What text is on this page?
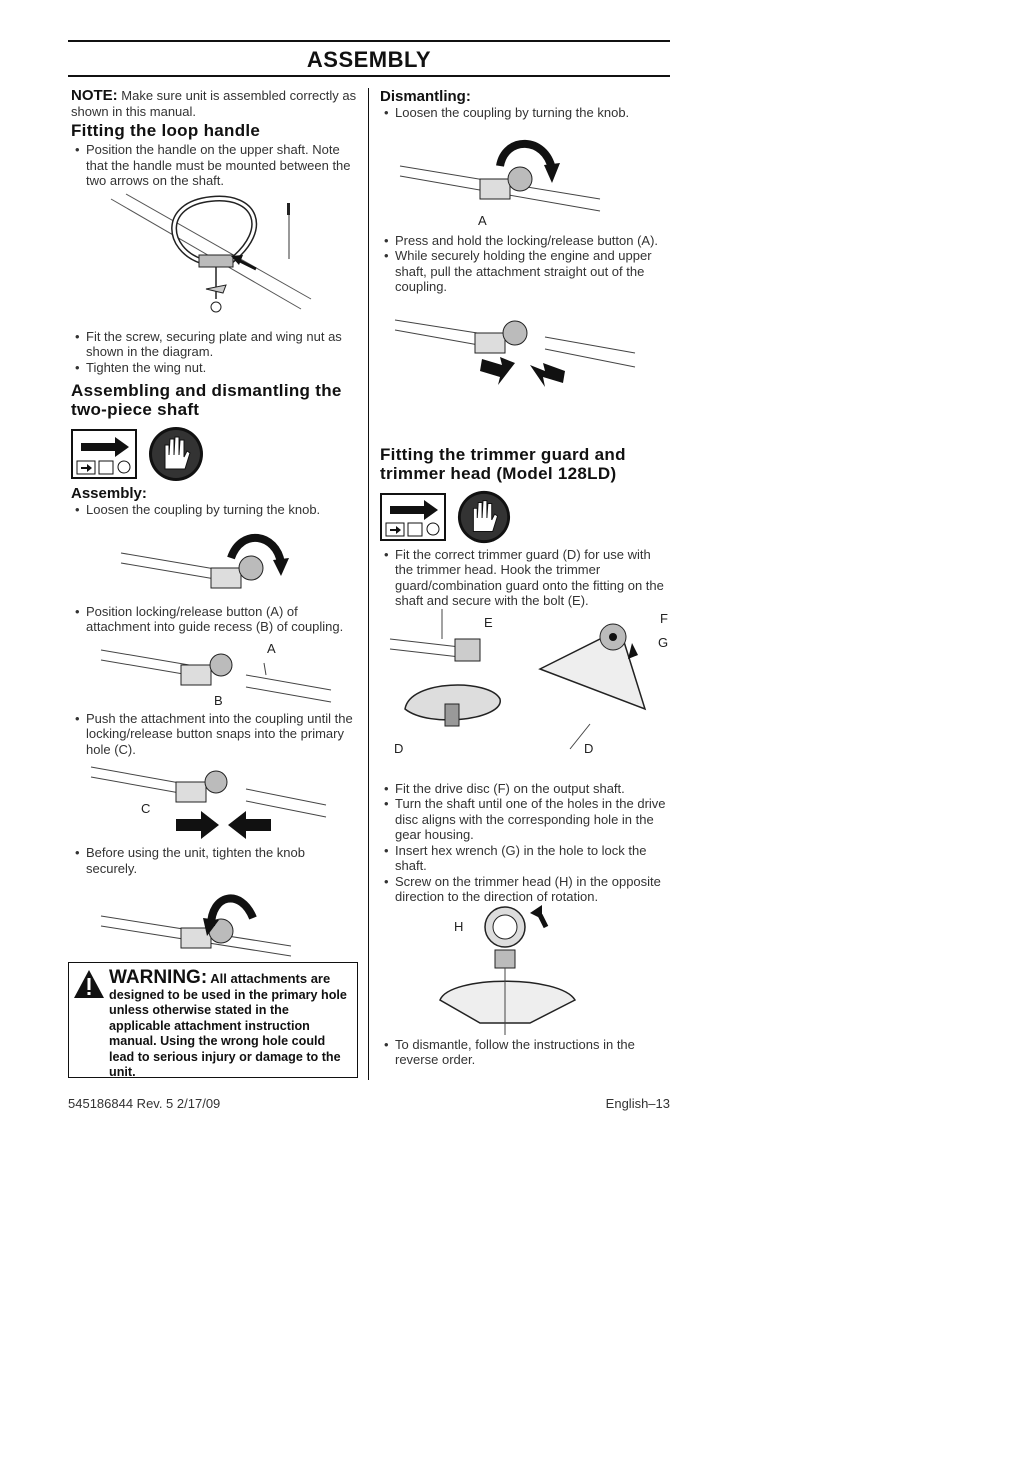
ASSEMBLY

NOTE: Make sure unit is assembled correctly as shown in this manual.

Fitting the loop handle
• Position the handle on the upper shaft. Note that the handle must be mounted between the two arrows on the shaft.
• Fit the screw, securing plate and wing nut as shown in the diagram.
• Tighten the wing nut.
Assembling and dismantling the two-piece shaft
Assembly:
• Loosen the coupling by turning the knob.
• Position locking/release button (A) of attachment into guide recess (B) of coupling.
A
B
• Push the attachment into the coupling until the locking/release button snaps into the primary hole (C).
C
• Before using the unit, tighten the knob securely.
WARNING: All attachments are
designed to be used in the primary hole unless otherwise stated in the applicable attachment instruction manual. Using the wrong hole could lead to serious injury or damage to the unit.
Dismantling:
• Loosen the coupling by turning the knob.
A
• Press and hold the locking/release button (A).
• While securely holding the engine and upper shaft, pull the attachment straight out of the coupling.
Fitting the trimmer guard and trimmer head (Model 128LD)
• Fit the correct trimmer guard (D) for use with the trimmer head. Hook the trimmer guard/combination guard onto the fitting on the shaft and secure with the bolt (E).
E	F
G
D	D
• Fit the drive disc (F) on the output shaft.
• Turn the shaft until one of the holes in the drive disc aligns with the corresponding hole in the gear housing.
• Insert hex wrench (G) in the hole to lock the shaft.
• Screw on the trimmer head (H) in the opposite direction to the direction of rotation.
H
• To dismantle, follow the instructions in the reverse order.
545186844 Rev. 5 2/17/09	English–13
